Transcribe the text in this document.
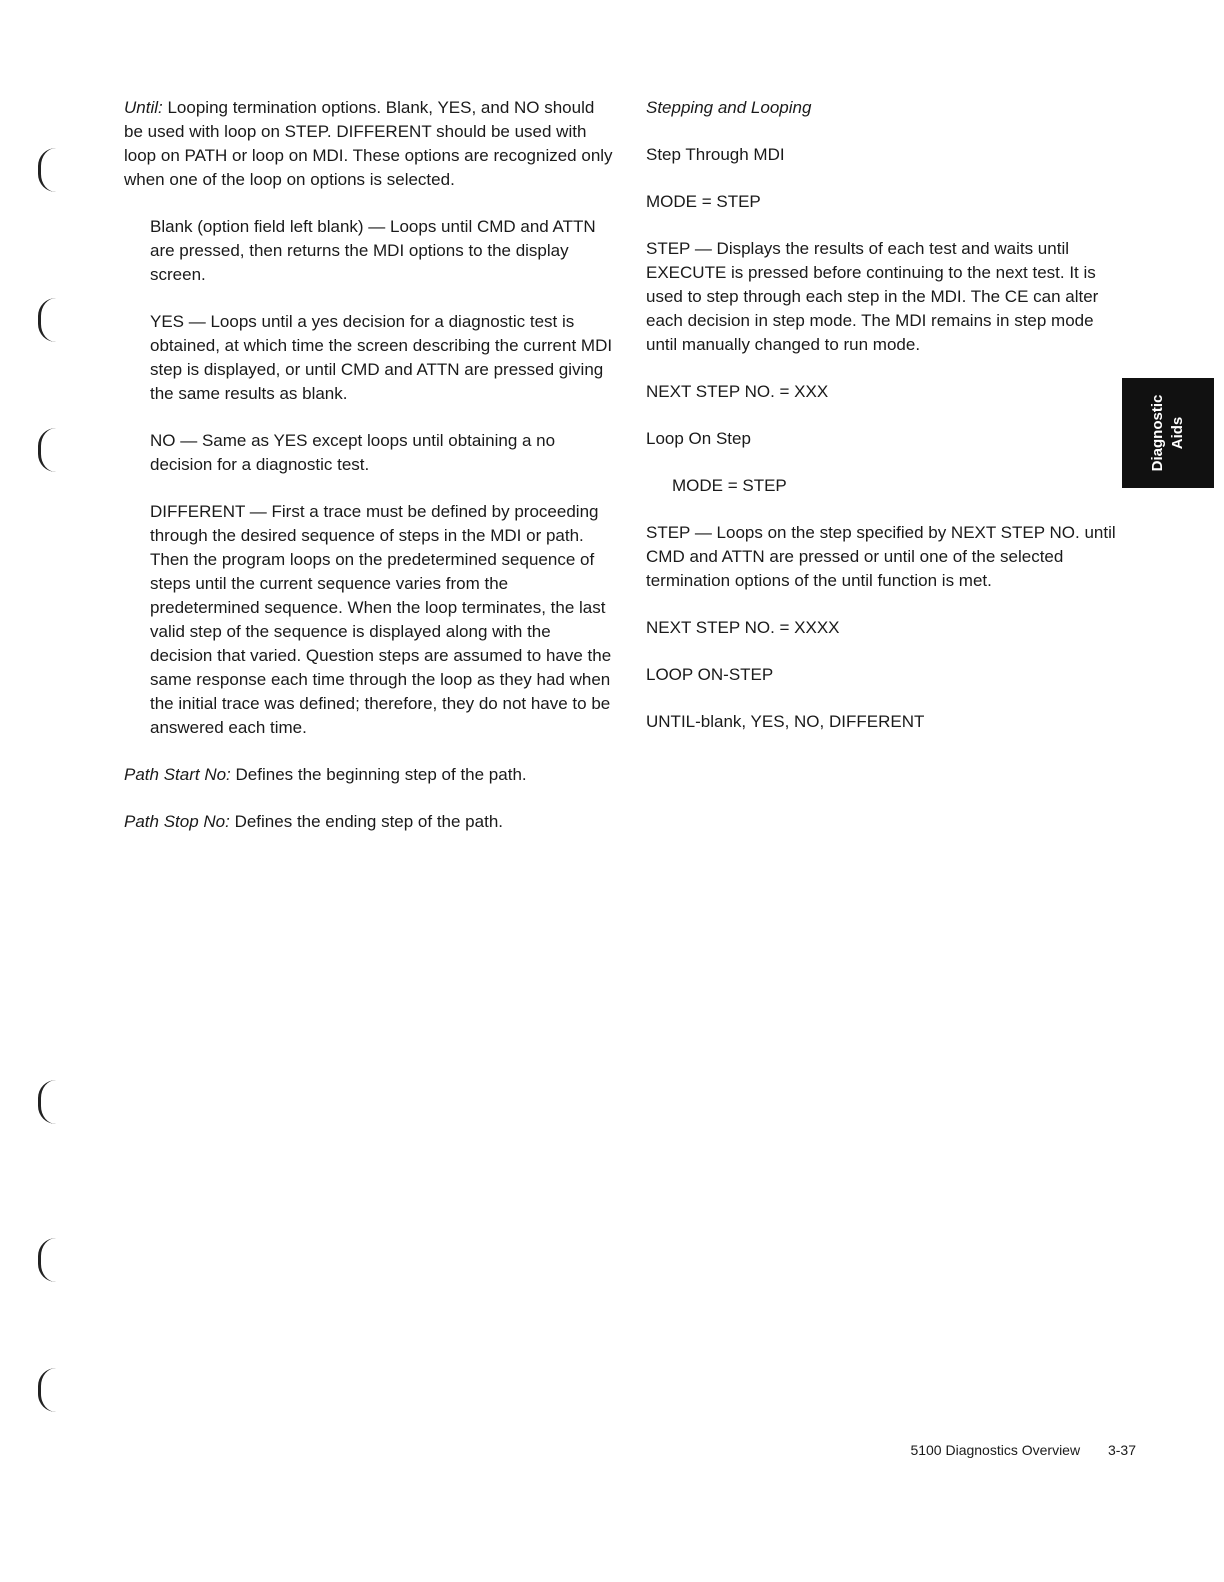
Until: Looping termination options. Blank, YES, and NO should be used with loop on STEP. DIFFERENT should be used with loop on PATH or loop on MDI. These options are recognized only when one of the loop on options is selected.

Blank (option field left blank) — Loops until CMD and ATTN are pressed, then returns the MDI options to the display screen.

YES — Loops until a yes decision for a diagnostic test is obtained, at which time the screen describing the current MDI step is displayed, or until CMD and ATTN are pressed giving the same results as blank.

NO — Same as YES except loops until obtaining a no decision for a diagnostic test.

DIFFERENT — First a trace must be defined by proceeding through the desired sequence of steps in the MDI or path. Then the program loops on the predetermined sequence of steps until the current sequence varies from the predetermined sequence. When the loop terminates, the last valid step of the sequence is displayed along with the decision that varied. Question steps are assumed to have the same response each time through the loop as they had when the initial trace was defined; therefore, they do not have to be answered each time.

Path Start No: Defines the beginning step of the path.

Path Stop No: Defines the ending step of the path.

Stepping and Looping

Step Through MDI

MODE = STEP

STEP — Displays the results of each test and waits until EXECUTE is pressed before continuing to the next test. It is used to step through each step in the MDI. The CE can alter each decision in step mode. The MDI remains in step mode until manually changed to run mode.

NEXT STEP NO. = XXX

Loop On Step

MODE = STEP

STEP — Loops on the step specified by NEXT STEP NO. until CMD and ATTN are pressed or until one of the selected termination options of the until function is met.

NEXT STEP NO. = XXXX

LOOP ON-STEP

UNTIL-blank, YES, NO, DIFFERENT

Diagnostic Aids
5100 Diagnostics Overview 3-37
